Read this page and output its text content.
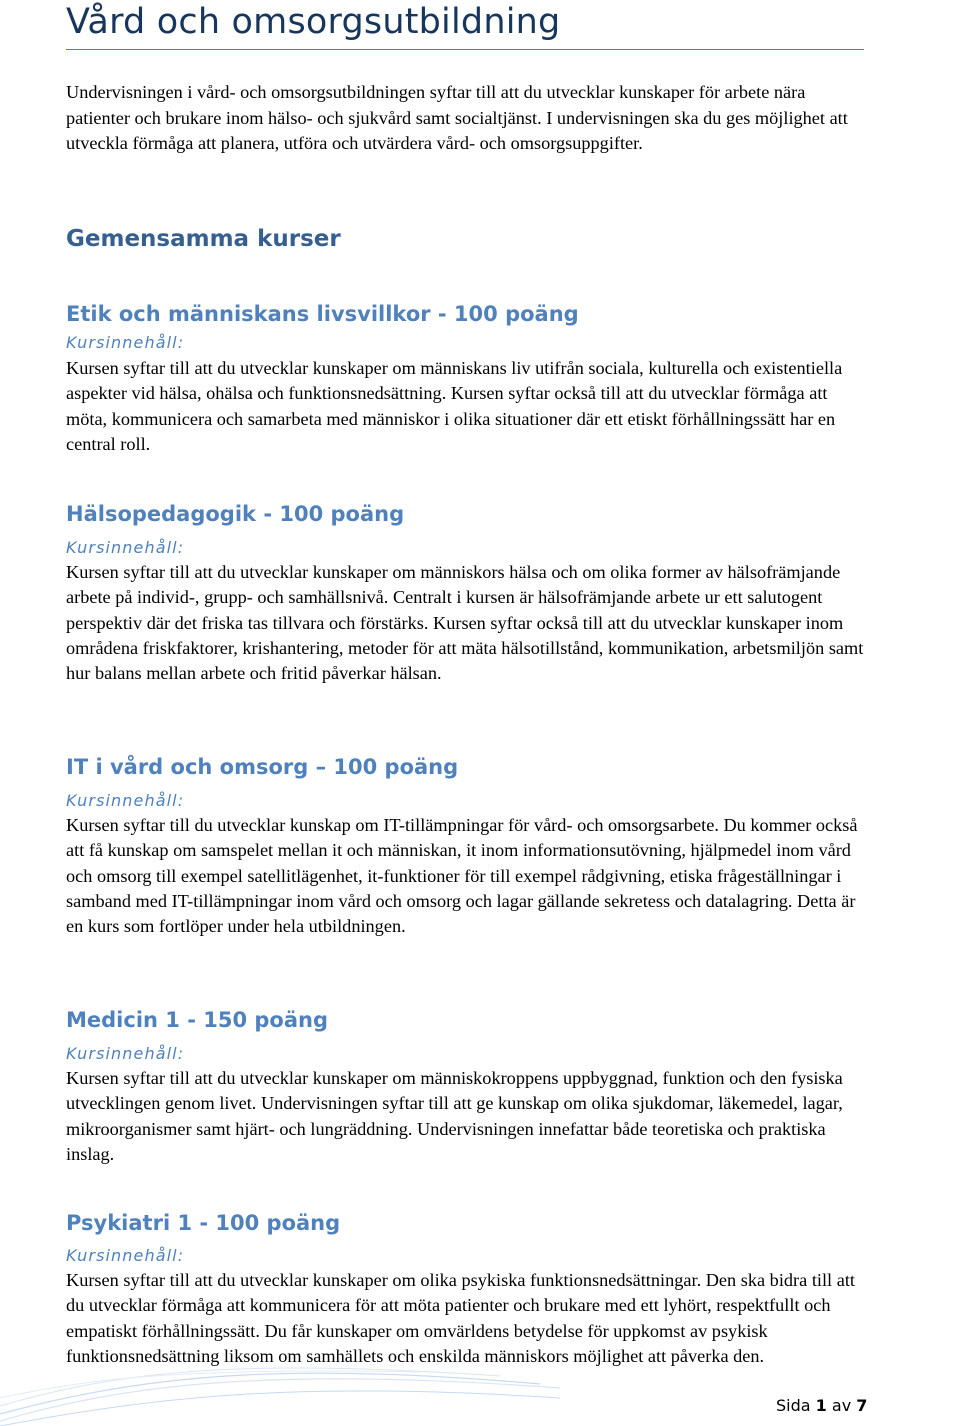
Vård och omsorgsutbildning

Undervisningen i vård- och omsorgsutbildningen syftar till att du utvecklar kunskaper för arbete nära patienter och brukare inom hälso- och sjukvård samt socialtjänst. I undervisningen ska du ges möjlighet att utveckla förmåga att planera, utföra och utvärdera vård- och omsorgsuppgifter.

Gemensamma kurser
Etik och människans livsvillkor - 100 poäng
Kursinnehåll:

Kursen syftar till att du utvecklar kunskaper om människans liv utifrån sociala, kulturella och existentiella aspekter vid hälsa, ohälsa och funktionsnedsättning. Kursen syftar också till att du utvecklar förmåga att möta, kommunicera och samarbeta med människor i olika situationer där ett etiskt förhållningssätt har en central roll.

Hälsopedagogik - 100 poäng
Kursinnehåll:

Kursen syftar till att du utvecklar kunskaper om människors hälsa och om olika former av hälsofrämjande arbete på individ-, grupp- och samhällsnivå. Centralt i kursen är hälsofrämjande arbete ur ett salutogent perspektiv där det friska tas tillvara och förstärks. Kursen syftar också till att du utvecklar kunskaper inom områdena friskfaktorer, krishantering, metoder för att mäta hälsotillstånd, kommunikation, arbetsmiljön samt hur balans mellan arbete och fritid påverkar hälsan.

IT i vård och omsorg – 100 poäng
Kursinnehåll:

Kursen syftar till du utvecklar kunskap om IT-tillämpningar för vård- och omsorgsarbete. Du kommer också att få kunskap om samspelet mellan it och människan, it inom informationsutövning, hjälpmedel inom vård och omsorg till exempel satellitlägenhet, it-funktioner för till exempel rådgivning, etiska frågeställningar i samband med IT-tillämpningar inom vård och omsorg och lagar gällande sekretess och datalagring. Detta är en kurs som fortlöper under hela utbildningen.

Medicin 1 - 150 poäng
Kursinnehåll:

Kursen syftar till att du utvecklar kunskaper om människokroppens uppbyggnad, funktion och den fysiska utvecklingen genom livet. Undervisningen syftar till att ge kunskap om olika sjukdomar, läkemedel, lagar, mikroorganismer samt hjärt- och lungräddning. Undervisningen innefattar både teoretiska och praktiska inslag.

Psykiatri 1 - 100 poäng
Kursinnehåll:

Kursen syftar till att du utvecklar kunskaper om olika psykiska funktionsnedsättningar. Den ska bidra till att du utvecklar förmåga att kommunicera för att möta patienter och brukare med ett lyhört, respektfullt och empatiskt förhållningssätt. Du får kunskaper om omvärldens betydelse för uppkomst av psykisk funktionsnedsättning liksom om samhällets och enskilda människors möjlighet att påverka den.

Sida 1 av 7
